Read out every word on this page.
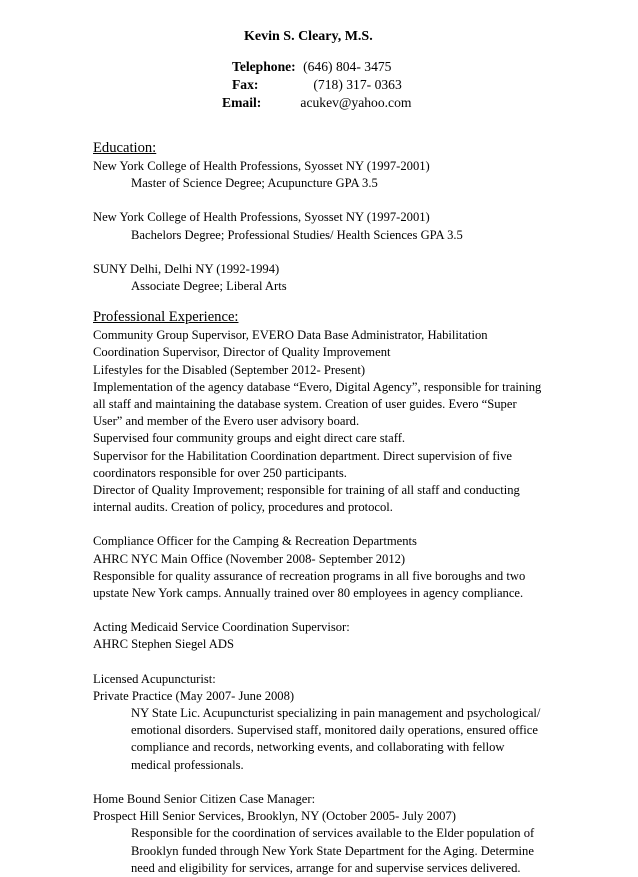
Kevin S. Cleary, M.S.
Telephone: (646) 804- 3475
Fax:	(718) 317- 0363
Email:	acukev@yahoo.com
Education:
New York College of Health Professions, Syosset NY (1997-2001)
Master of Science Degree; Acupuncture GPA 3.5
New York College of Health Professions, Syosset NY (1997-2001)
Bachelors Degree; Professional Studies/ Health Sciences GPA 3.5
SUNY Delhi, Delhi NY (1992-1994)
Associate Degree; Liberal Arts
Professional Experience:
Community Group Supervisor, EVERO Data Base Administrator, Habilitation
Coordination Supervisor, Director of Quality Improvement
Lifestyles for the Disabled (September 2012- Present)
Implementation of the agency database “Evero, Digital Agency”, responsible for training
all staff and maintaining the database system. Creation of user guides. Evero “Super
User” and member of the Evero user advisory board.
Supervised four community groups and eight direct care staff.
Supervisor for the Habilitation Coordination department. Direct supervision of five
coordinators responsible for over 250 participants.
Director of Quality Improvement; responsible for training of all staff and conducting
internal audits. Creation of policy, procedures and protocol.
Compliance Officer for the Camping & Recreation Departments
AHRC NYC Main Office (November 2008- September 2012)
Responsible for quality assurance of recreation programs in all five boroughs and two
upstate New York camps. Annually trained over 80 employees in agency compliance.
Acting Medicaid Service Coordination Supervisor:
AHRC Stephen Siegel ADS
Licensed Acupuncturist:
Private Practice (May 2007- June 2008)
NY State Lic. Acupuncturist specializing in pain management and psychological/
emotional disorders. Supervised staff, monitored daily operations, ensured office
compliance and records, networking events, and collaborating with fellow
medical professionals.
Home Bound Senior Citizen Case Manager:
Prospect Hill Senior Services, Brooklyn, NY (October 2005- July 2007)
Responsible for the coordination of services available to the Elder population of
Brooklyn funded through New York State Department for the Aging. Determine
need and eligibility for services, arrange for and supervise services delivered.
